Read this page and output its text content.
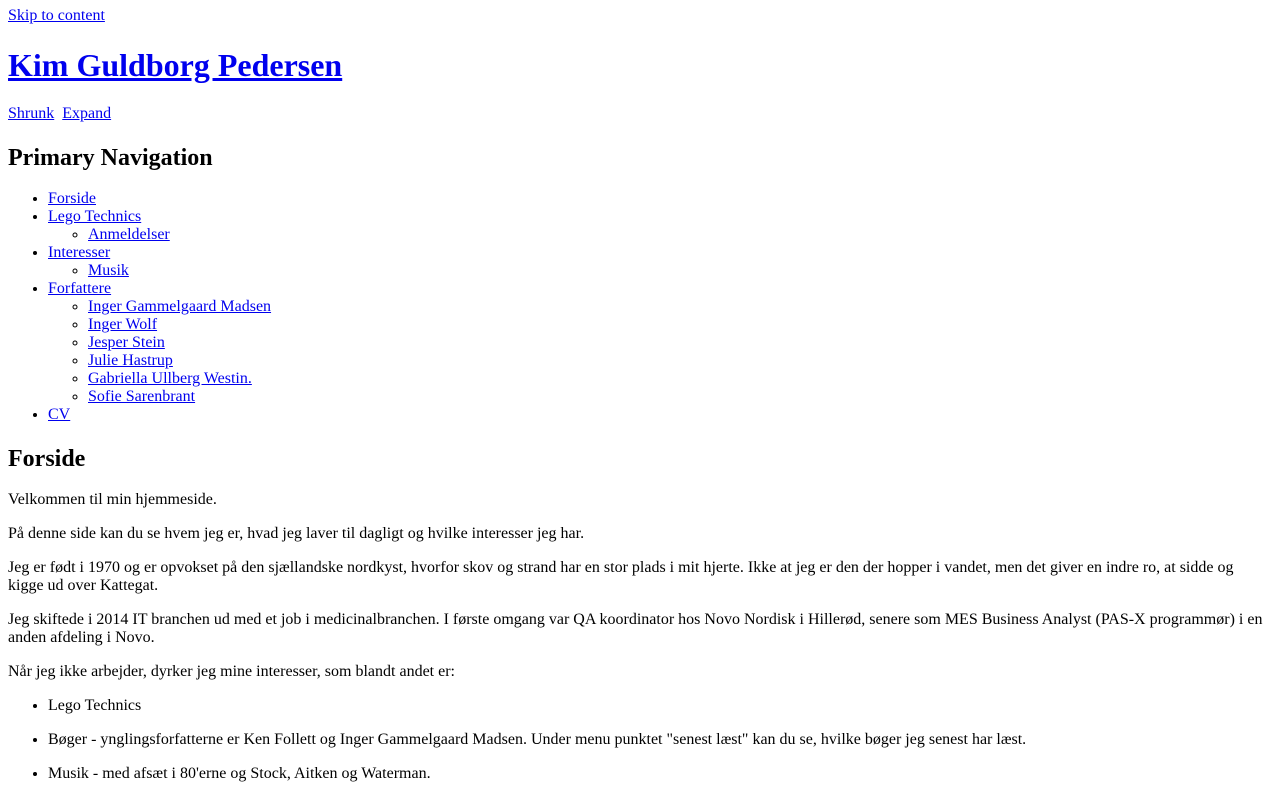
Skip to content
Kim Guldborg Pedersen
Shrunk Expand
Primary Navigation
• Forside
• Lego Technics
◦ Anmeldelser
• Interesser
◦ Musik
• Forfattere
◦ Inger Gammelgaard Madsen
◦ Inger Wolf
◦ Jesper Stein
◦ Julie Hastrup
◦ Gabriella Ullberg Westin.
◦ Sofie Sarenbrant
• CV
Forside

Velkommen til min hjemmeside.

På denne side kan du se hvem jeg er, hvad jeg laver til dagligt og hvilke interesser jeg har.

Jeg er født i 1970 og er opvokset på den sjællandske nordkyst, hvorfor skov og strand har en stor plads i mit hjerte. Ikke at jeg er den der hopper i vandet, men det giver en indre ro, at sidde og kigge ud over Kattegat.

Jeg skiftede i 2014 IT branchen ud med et job i medicinalbranchen. I første omgang var QA koordinator hos Novo Nordisk i Hillerød, senere som MES Business Analyst (PAS-X programmør) i en anden afdeling i Novo.

Når jeg ikke arbejder, dyrker jeg mine interesser, som blandt andet er:

• Lego Technics
• Bøger - ynglingsforfatterne er Ken Follett og Inger Gammelgaard Madsen. Under menu punktet "senest læst" kan du se, hvilke bøger jeg senest har læst.
• Musik - med afsæt i 80'erne og Stock, Aitken og Waterman.
